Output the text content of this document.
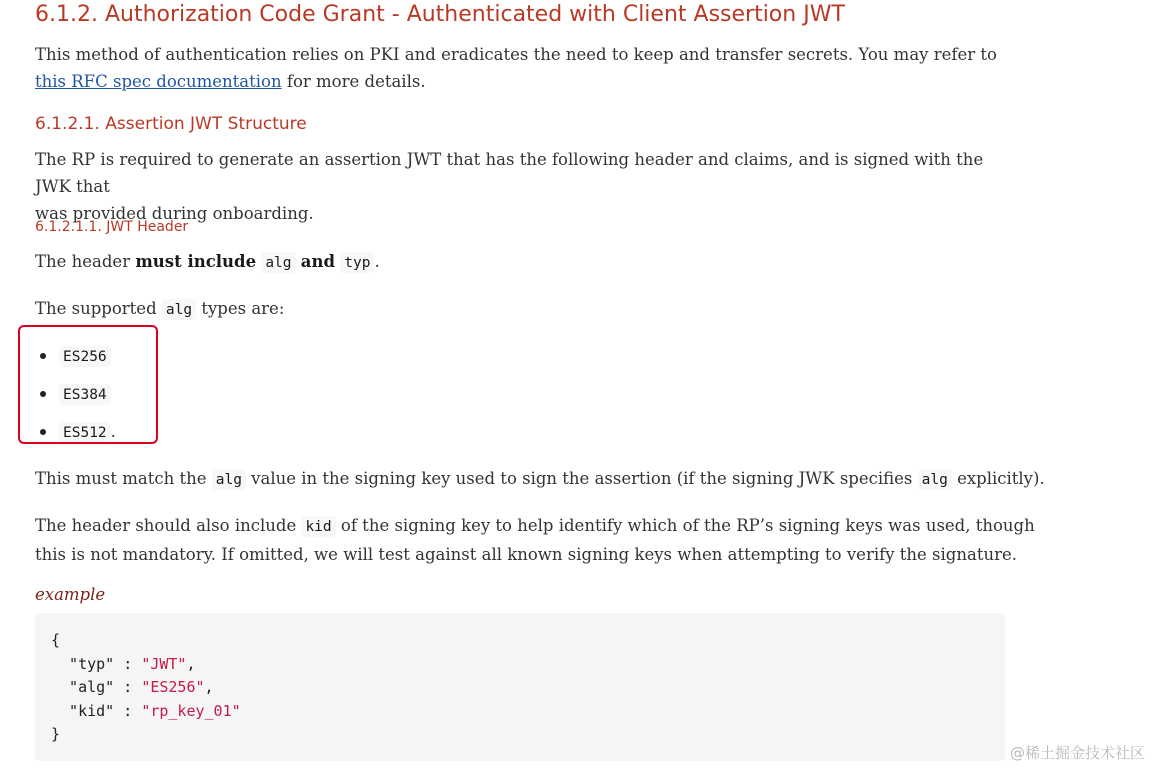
6.1.2. Authorization Code Grant - Authenticated with Client Assertion JWT

This method of authentication relies on PKI and eradicates the need to keep and transfer secrets. You may refer to this RFC spec documentation for more details.

6.1.2.1. Assertion JWT Structure

The RP is required to generate an assertion JWT that has the following header and claims, and is signed with the JWK that
was provided during onboarding.

6.1.2.1.1. JWT Header

The header must include alg and typ .

The supported alg types are:

ES256
ES384
ES512 .

This must match the alg value in the signing key used to sign the assertion (if the signing JWK specifies alg explicitly).

The header should also include kid of the signing key to help identify which of the RP’s signing keys was used, though
this is not mandatory. If omitted, we will test against all known signing keys when attempting to verify the signature.

example
{
"typ" : "JWT",
"alg" : "ES256",
"kid" : "rp_key_01"
}
@稀土掘金技术社区
